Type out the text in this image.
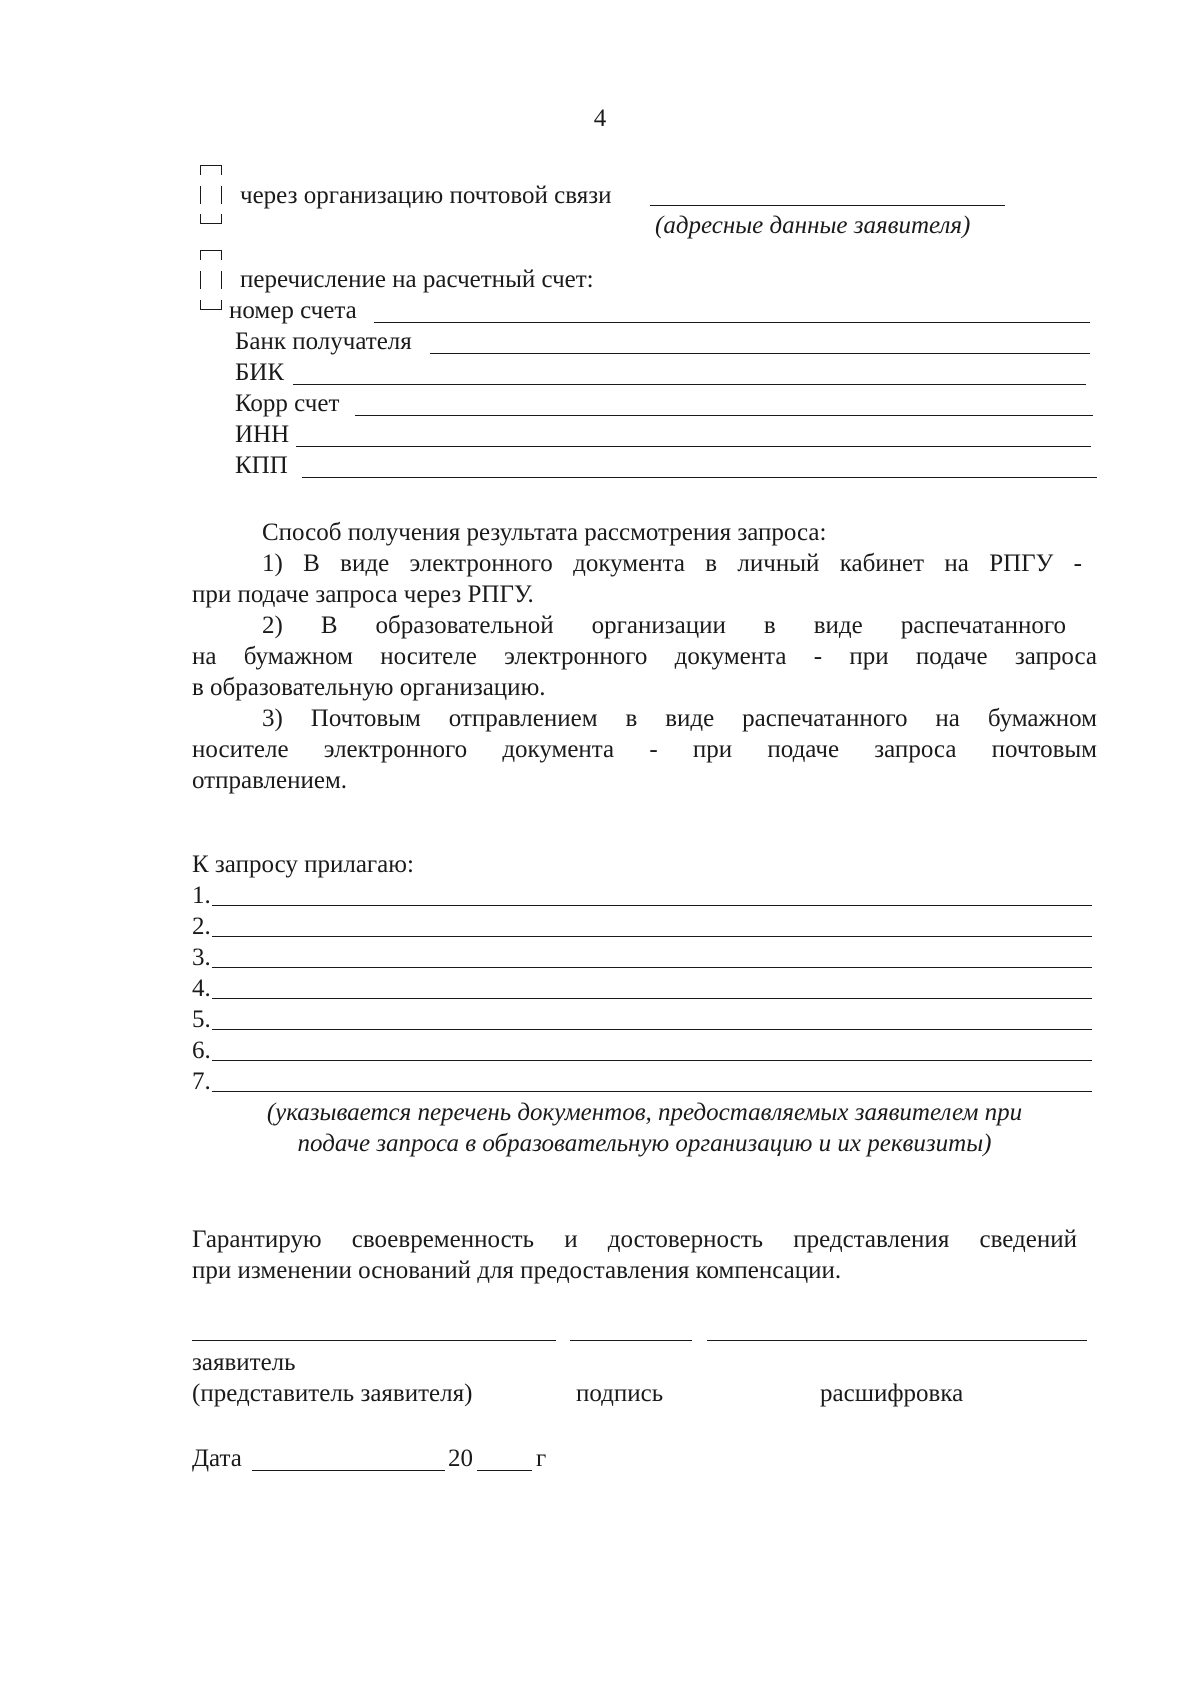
4
через организацию почтовой связи
(адресные данные заявителя)
перечисление на расчетный счет:
номер счета
Банк получателя
БИК
Корр счет
ИНН
КПП
Способ получения результата рассмотрения запроса:
1) В виде электронного документа в личный кабинет на РПГУ -
при подаче запроса через РПГУ.
2) В образовательной организации в виде распечатанного
на бумажном носителе электронного документа - при подаче запроса
в образовательную организацию.
3) Почтовым отправлением в виде распечатанного на бумажном
носителе электронного документа - при подаче запроса почтовым
отправлением.
К запросу прилагаю:
1.
2.
3.
4.
5.
6.
7.
(указывается перечень документов, предоставляемых заявителем при
подаче запроса в образовательную организацию и их реквизиты)
Гарантирую своевременность и достоверность представления сведений
при изменении оснований для предоставления компенсации.
заявитель
(представитель заявителя)	подпись	расшифровка
Дата	20	г
